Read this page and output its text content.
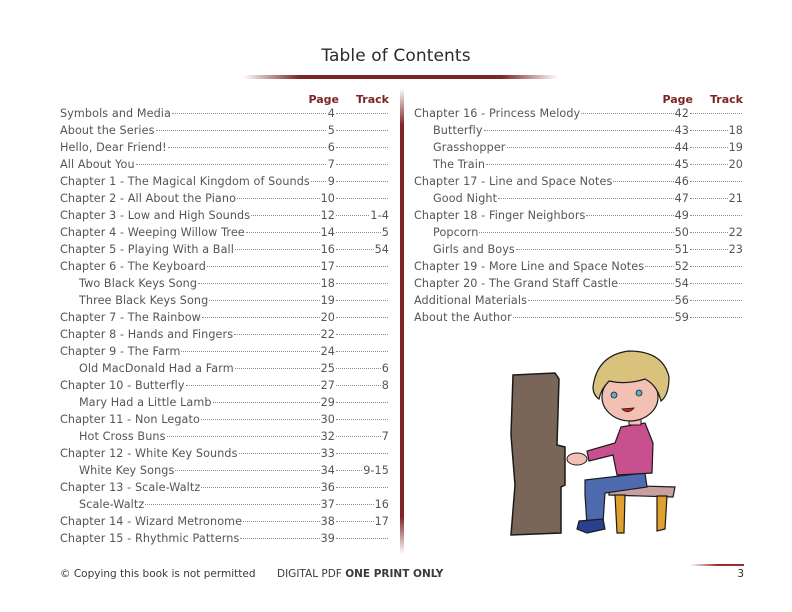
Table of Contents
Page	Track
Symbols and Media	4
About the Series	5
Hello, Dear Friend!	6
All About You	7
Chapter 1 - The Magical Kingdom of Sounds 9
Chapter 2 - All About the Piano	10
Chapter 3 - Low and High Sounds	12	1-4
Chapter 4 - Weeping Willow Tree	14	5
Chapter 5 - Playing With a Ball	16	54
Chapter 6 - The Keyboard	17
Two Black Keys Song	18
Three Black Keys Song	19
Chapter 7 - The Rainbow	20
Chapter 8 - Hands and Fingers	22
Chapter 9 - The Farm	24
Old MacDonald Had a Farm	25	6
Chapter 10 - Butterfly	27	8
Mary Had a Little Lamb	29
Chapter 11 - Non Legato	30
Hot Cross Buns	32	7
Chapter 12 - White Key Sounds	33
White Key Songs	34	9-15
Chapter 13 - Scale-Waltz	36
Scale-Waltz	37	16
Chapter 14 - Wizard Metronome	38	17
Chapter 15 - Rhythmic Patterns	39
Page	Track
Chapter 16 - Princess Melody	42
Butterfly	43	18
Grasshopper	44	19
The Train	45	20
Chapter 17 - Line and Space Notes	46
Good Night	47	21
Chapter 18 - Finger Neighbors	49
Popcorn	50	22
Girls and Boys	51	23
Chapter 19 - More Line and Space Notes	52
Chapter 20 - The Grand Staff Castle	54
Additional Materials	56
About the Author	59
© Copying this book is not permitted DIGITAL PDF ONE PRINT ONLY	3
